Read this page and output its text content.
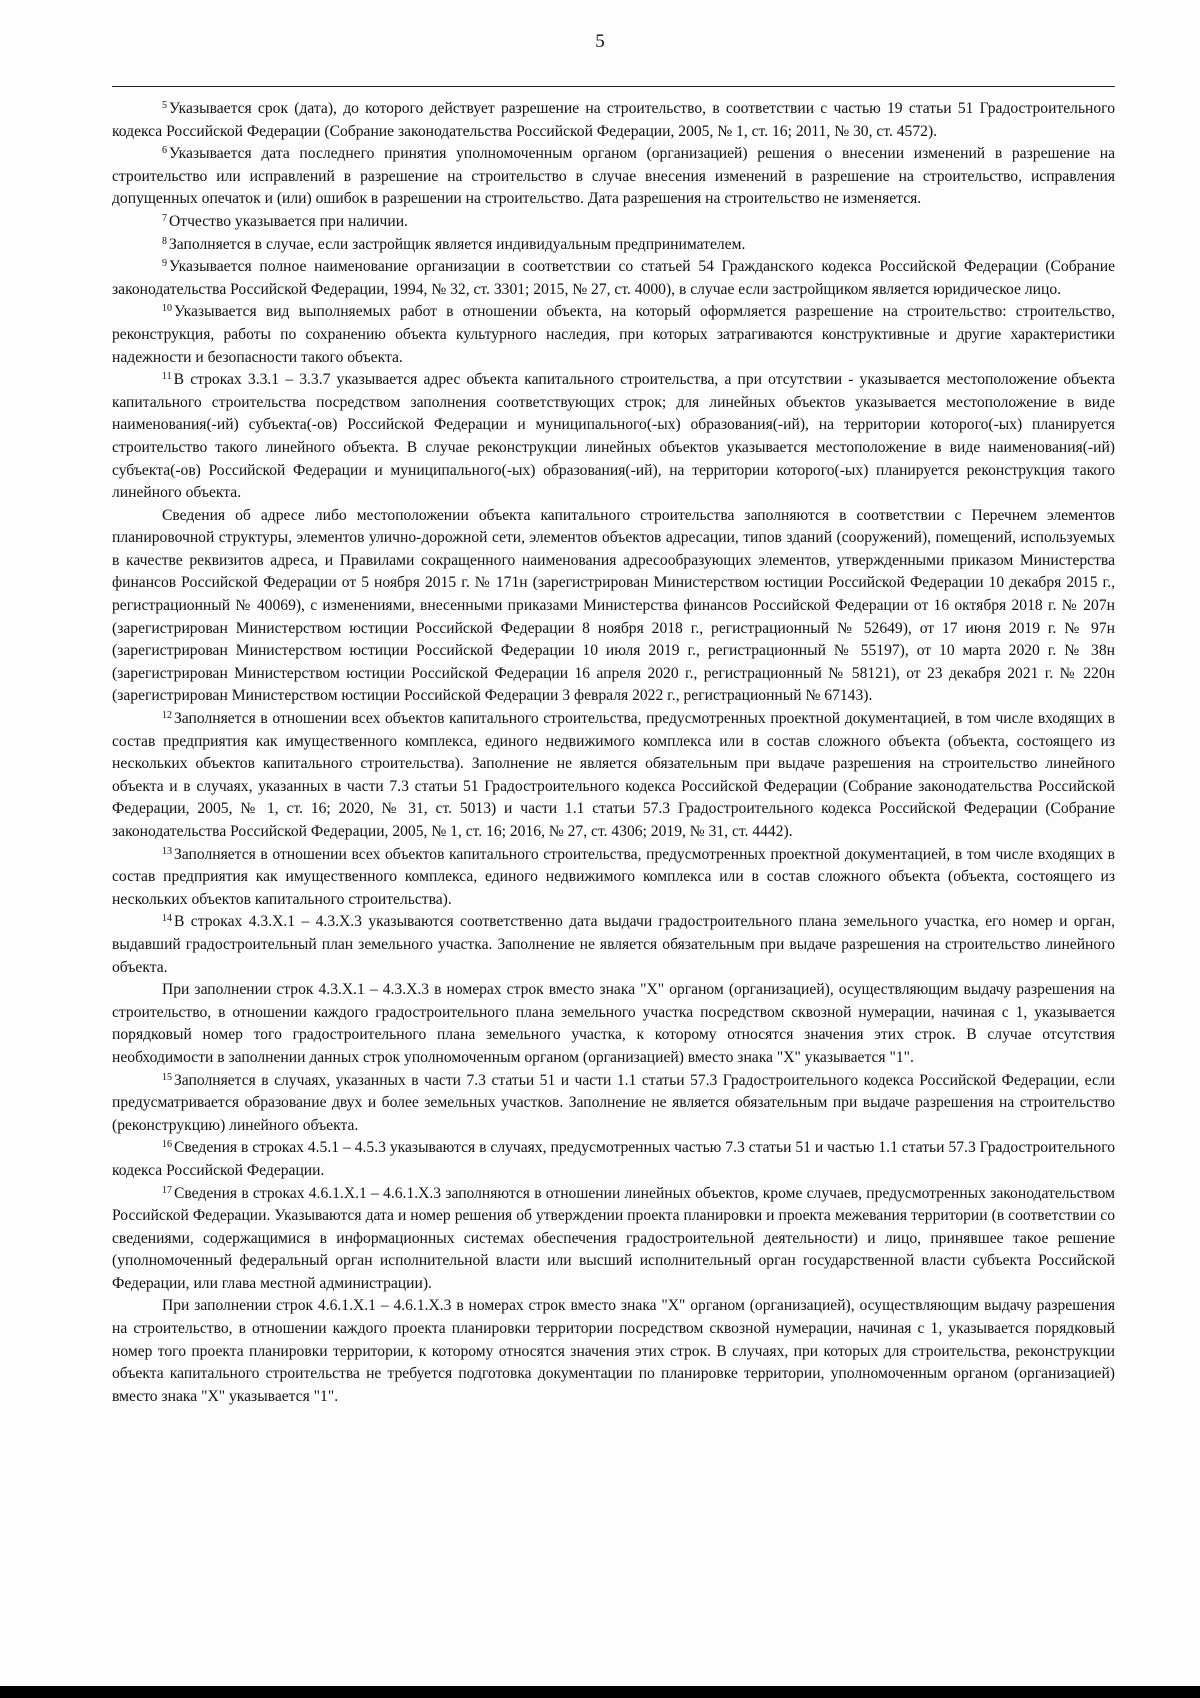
5

$^5$ Указывается срок (дата), до которого действует разрешение на строительство, в соответствии с частью 19 статьи 51 Градостроительного кодекса Российской Федерации (Собрание законодательства Российской Федерации, 2005, № 1, ст. 16; 2011, № 30, ст. 4572).

$^6$ Указывается дата последнего принятия уполномоченным органом (организацией) решения о внесении изменений в разрешение на строительство или исправлений в разрешение на строительство в случае внесения изменений в разрешение на строительство, исправления допущенных опечаток и (или) ошибок в разрешении на строительство. Дата разрешения на строительство не изменяется.

$^7$ Отчество указывается при наличии.

$^8$ Заполняется в случае, если застройщик является индивидуальным предпринимателем.

$^9$ Указывается полное наименование организации в соответствии со статьей 54 Гражданского кодекса Российской Федерации (Собрание законодательства Российской Федерации, 1994, № 32, ст. 3301; 2015, № 27, ст. 4000), в случае если застройщиком является юридическое лицо.

$^{10}$ Указывается вид выполняемых работ в отношении объекта, на который оформляется разрешение на строительство: строительство, реконструкция, работы по сохранению объекта культурного наследия, при которых затрагиваются конструктивные и другие характеристики надежности и безопасности такого объекта.

$^{11}$ В строках 3.3.1 – 3.3.7 указывается адрес объекта капитального строительства, а при отсутствии - указывается местоположение объекта капитального строительства посредством заполнения соответствующих строк; для линейных объектов указывается местоположение в виде наименования(-ий) субъекта(-ов) Российской Федерации и муниципального(-ых) образования(-ий), на территории которого(-ых) планируется строительство такого линейного объекта. В случае реконструкции линейных объектов указывается местоположение в виде наименования(-ий) субъекта(-ов) Российской Федерации и муниципального(-ых) образования(-ий), на территории которого(-ых) планируется реконструкция такого линейного объекта.

Сведения об адресе либо местоположении объекта капитального строительства заполняются в соответствии с Перечнем элементов планировочной структуры, элементов улично-дорожной сети, элементов объектов адресации, типов зданий (сооружений), помещений, используемых в качестве реквизитов адреса, и Правилами сокращенного наименования адресообразующих элементов, утвержденными приказом Министерства финансов Российской Федерации от 5 ноября 2015 г. № 171н (зарегистрирован Министерством юстиции Российской Федерации 10 декабря 2015 г., регистрационный № 40069), с изменениями, внесенными приказами Министерства финансов Российской Федерации от 16 октября 2018 г. № 207н (зарегистрирован Министерством юстиции Российской Федерации 8 ноября 2018 г., регистрационный № 52649), от 17 июня 2019 г. № 97н (зарегистрирован Министерством юстиции Российской Федерации 10 июля 2019 г., регистрационный № 55197), от 10 марта 2020 г. № 38н (зарегистрирован Министерством юстиции Российской Федерации 16 апреля 2020 г., регистрационный № 58121), от 23 декабря 2021 г. № 220н (зарегистрирован Министерством юстиции Российской Федерации 3 февраля 2022 г., регистрационный № 67143).

$^{12}$ Заполняется в отношении всех объектов капитального строительства, предусмотренных проектной документацией, в том числе входящих в состав предприятия как имущественного комплекса, единого недвижимого комплекса или в состав сложного объекта (объекта, состоящего из нескольких объектов капитального строительства). Заполнение не является обязательным при выдаче разрешения на строительство линейного объекта и в случаях, указанных в части 7.3 статьи 51 Градостроительного кодекса Российской Федерации (Собрание законодательства Российской Федерации, 2005, № 1, ст. 16; 2020, № 31, ст. 5013) и части 1.1 статьи 57.3 Градостроительного кодекса Российской Федерации (Собрание законодательства Российской Федерации, 2005, № 1, ст. 16; 2016, № 27, ст. 4306; 2019, № 31, ст. 4442).

$^{13}$ Заполняется в отношении всех объектов капитального строительства, предусмотренных проектной документацией, в том числе входящих в состав предприятия как имущественного комплекса, единого недвижимого комплекса или в состав сложного объекта (объекта, состоящего из нескольких объектов капитального строительства).

$^{14}$ В строках 4.3.X.1 – 4.3.X.3 указываются соответственно дата выдачи градостроительного плана земельного участка, его номер и орган, выдавший градостроительный план земельного участка. Заполнение не является обязательным при выдаче разрешения на строительство линейного объекта.

При заполнении строк 4.3.X.1 – 4.3.X.3 в номерах строк вместо знака "X" органом (организацией), осуществляющим выдачу разрешения на строительство, в отношении каждого градостроительного плана земельного участка посредством сквозной нумерации, начиная с 1, указывается порядковый номер того градостроительного плана земельного участка, к которому относятся значения этих строк. В случае отсутствия необходимости в заполнении данных строк уполномоченным органом (организацией) вместо знака "X" указывается "1".

$^{15}$ Заполняется в случаях, указанных в части 7.3 статьи 51 и части 1.1 статьи 57.3 Градостроительного кодекса Российской Федерации, если предусматривается образование двух и более земельных участков. Заполнение не является обязательным при выдаче разрешения на строительство (реконструкцию) линейного объекта.

$^{16}$ Сведения в строках 4.5.1 – 4.5.3 указываются в случаях, предусмотренных частью 7.3 статьи 51 и частью 1.1 статьи 57.3 Градостроительного кодекса Российской Федерации.

$^{17}$ Сведения в строках 4.6.1.X.1 – 4.6.1.X.3 заполняются в отношении линейных объектов, кроме случаев, предусмотренных законодательством Российской Федерации. Указываются дата и номер решения об утверждении проекта планировки и проекта межевания территории (в соответствии со сведениями, содержащимися в информационных системах обеспечения градостроительной деятельности) и лицо, принявшее такое решение (уполномоченный федеральный орган исполнительной власти или высший исполнительный орган государственной власти субъекта Российской Федерации, или глава местной администрации).

При заполнении строк 4.6.1.X.1 – 4.6.1.X.3 в номерах строк вместо знака "X" органом (организацией), осуществляющим выдачу разрешения на строительство, в отношении каждого проекта планировки территории посредством сквозной нумерации, начиная с 1, указывается порядковый номер того проекта планировки территории, к которому относятся значения этих строк. В случаях, при которых для строительства, реконструкции объекта капитального строительства не требуется подготовка документации по планировке территории, уполномоченным органом (организацией) вместо знака "X" указывается "1".
